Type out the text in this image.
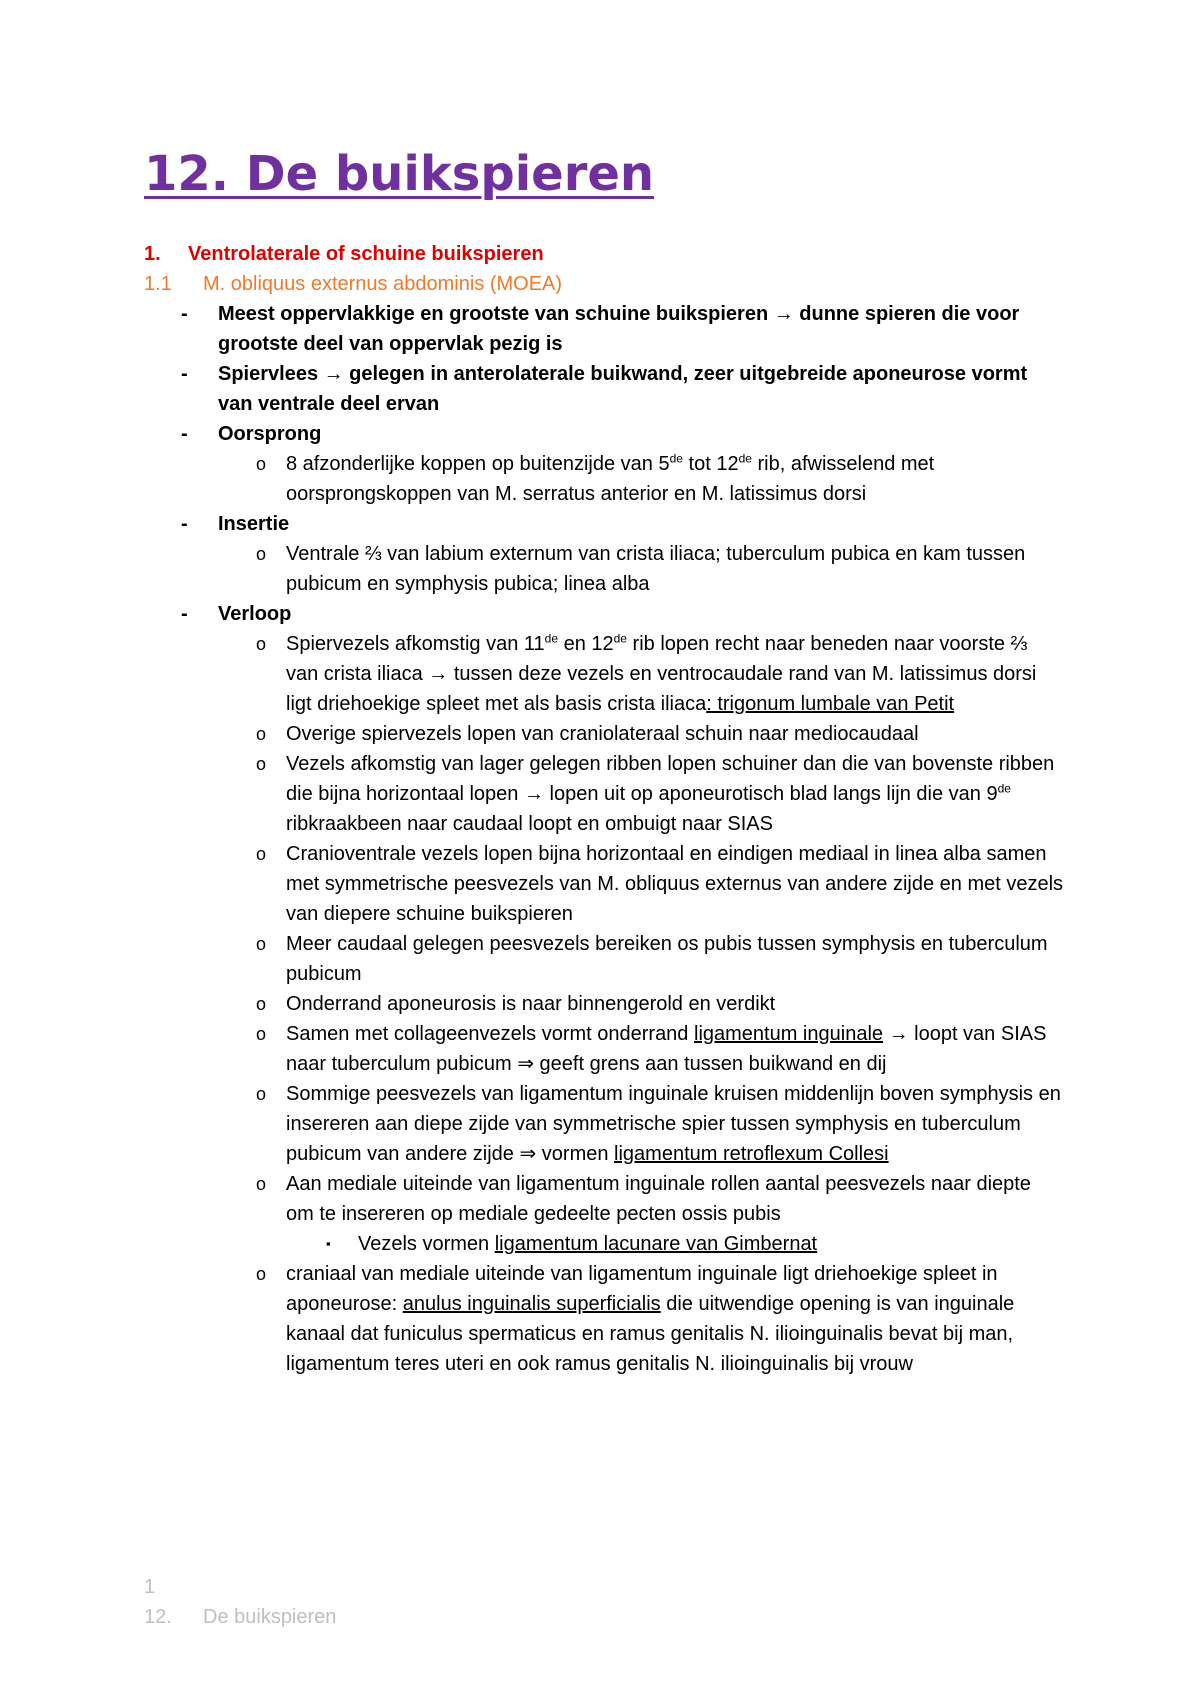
12. De buikspieren
1.	Ventrolaterale of schuine buikspieren
1.1	M. obliquus externus abdominis (MOEA)
-	Meest oppervlakkige en grootste van schuine buikspieren → dunne spieren die voor grootste deel van oppervlak pezig is
-	Spiervlees → gelegen in anterolaterale buikwand, zeer uitgebreide aponeurose vormt van ventrale deel ervan
-	Oorsprong
o 8 afzonderlijke koppen op buitenzijde van 5de tot 12de rib, afwisselend met oorsprongskoppen van M. serratus anterior en M. latissimus dorsi
-	Insertie
o Ventrale ⅔ van labium externum van crista iliaca; tuberculum pubica en kam tussen pubicum en symphysis pubica; linea alba
-	Verloop
o Spiervezels afkomstig van 11de en 12de rib lopen recht naar beneden naar voorste ⅔ van crista iliaca → tussen deze vezels en ventrocaudale rand van M. latissimus dorsi ligt driehoekige spleet met als basis crista iliaca: trigonum lumbale van Petit
o Overige spiervezels lopen van craniolateraal schuin naar mediocaudaal
o Vezels afkomstig van lager gelegen ribben lopen schuiner dan die van bovenste ribben die bijna horizontaal lopen → lopen uit op aponeurotisch blad langs lijn die van 9de ribkraakbeen naar caudaal loopt en ombuigt naar SIAS
o Cranioventrale vezels lopen bijna horizontaal en eindigen mediaal in linea alba samen met symmetrische peesvezels van M. obliquus externus van andere zijde en met vezels van diepere schuine buikspieren
o Meer caudaal gelegen peesvezels bereiken os pubis tussen symphysis en tuberculum pubicum
o Onderrand aponeurosis is naar binnengerold en verdikt
o Samen met collageenvezels vormt onderrand ligamentum inguinale → loopt van SIAS naar tuberculum pubicum ⇒ geeft grens aan tussen buikwand en dij
o Sommige peesvezels van ligamentum inguinale kruisen middenlijn boven symphysis en insereren aan diepe zijde van symmetrische spier tussen symphysis en tuberculum pubicum van andere zijde ⇒ vormen ligamentum retroflexum Collesi
o Aan mediale uiteinde van ligamentum inguinale rollen aantal peesvezels naar diepte om te insereren op mediale gedeelte pecten ossis pubis
▪	Vezels vormen ligamentum lacunare van Gimbernat
o craniaal van mediale uiteinde van ligamentum inguinale ligt driehoekige spleet in aponeurose: anulus inguinalis superficialis die uitwendige opening is van inguinale kanaal dat funiculus spermaticus en ramus genitalis N. ilioinguinalis bevat bij man, ligamentum teres uteri en ook ramus genitalis N. ilioinguinalis bij vrouw
1
12.	De buikspieren
